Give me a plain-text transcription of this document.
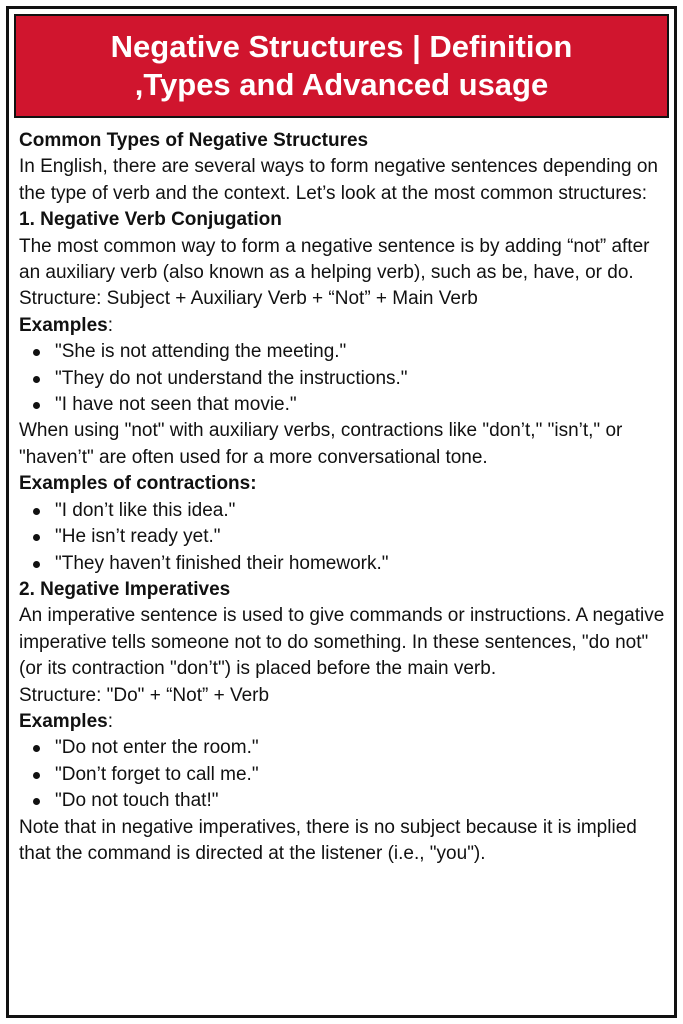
Negative Structures | Definition
,Types and Advanced usage

Common Types of Negative Structures

In English, there are several ways to form negative sentences depending on the type of verb and the context. Let’s look at the most common structures:

1. Negative Verb Conjugation

The most common way to form a negative sentence is by adding “not” after an auxiliary verb (also known as a helping verb), such as be, have, or do.

Structure: Subject + Auxiliary Verb + “Not” + Main Verb

Examples:

"She is not attending the meeting."
"They do not understand the instructions."
"I have not seen that movie."

When using "not" with auxiliary verbs, contractions like "don’t," "isn’t," or "haven’t" are often used for a more conversational tone.

Examples of contractions:

"I don’t like this idea."
"He isn’t ready yet."
"They haven’t finished their homework."

2. Negative Imperatives

An imperative sentence is used to give commands or instructions. A negative imperative tells someone not to do something. In these sentences, "do not" (or its contraction "don’t") is placed before the main verb.

Structure: "Do" + “Not” + Verb

Examples:

"Do not enter the room."
"Don’t forget to call me."
"Do not touch that!"

Note that in negative imperatives, there is no subject because it is implied that the command is directed at the listener (i.e., "you").
